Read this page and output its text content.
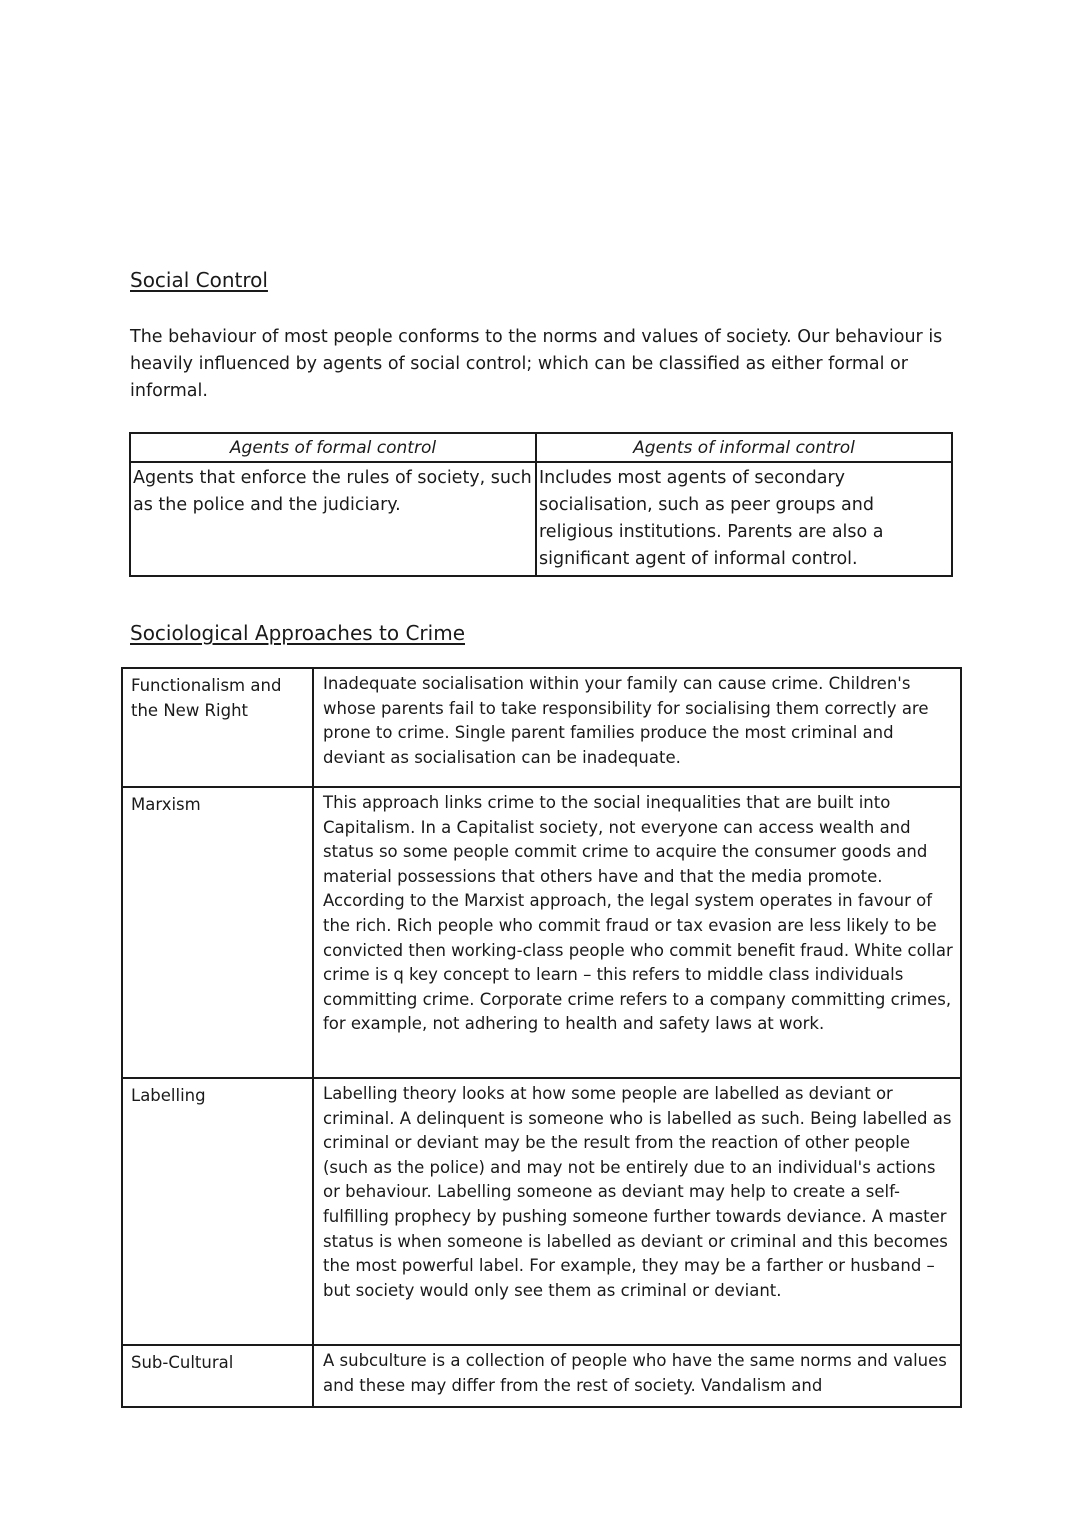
Social Control

The behaviour of most people conforms to the norms and values of society. Our behaviour is heavily influenced by agents of social control; which can be classified as either formal or informal.

Agents of formal control	Agents of informal control
Agents that enforce the rules of society, such as the police and the judiciary.	Includes most agents of secondary socialisation, such as peer groups and religious institutions. Parents are also a significant agent of informal control.
Sociological Approaches to Crime
Functionalism and the New Right	Inadequate socialisation within your family can cause crime. Children's whose parents fail to take responsibility for socialising them correctly are prone to crime. Single parent families produce the most criminal and deviant as socialisation can be inadequate.
Marxism	This approach links crime to the social inequalities that are built into Capitalism. In a Capitalist society, not everyone can access wealth and status so some people commit crime to acquire the consumer goods and material possessions that others have and that the media promote. According to the Marxist approach, the legal system operates in favour of the rich. Rich people who commit fraud or tax evasion are less likely to be convicted then working-class people who commit benefit fraud. White collar crime is q key concept to learn – this refers to middle class individuals committing crime. Corporate crime refers to a company committing crimes, for example, not adhering to health and safety laws at work.
Labelling	Labelling theory looks at how some people are labelled as deviant or criminal. A delinquent is someone who is labelled as such. Being labelled as criminal or deviant may be the result from the reaction of other people (such as the police) and may not be entirely due to an individual's actions or behaviour. Labelling someone as deviant may help to create a self-fulfilling prophecy by pushing someone further towards deviance. A master status is when someone is labelled as deviant or criminal and this becomes the most powerful label. For example, they may be a farther or husband – but society would only see them as criminal or deviant.
Sub-Cultural	A subculture is a collection of people who have the same norms and values and these may differ from the rest of society. Vandalism and
